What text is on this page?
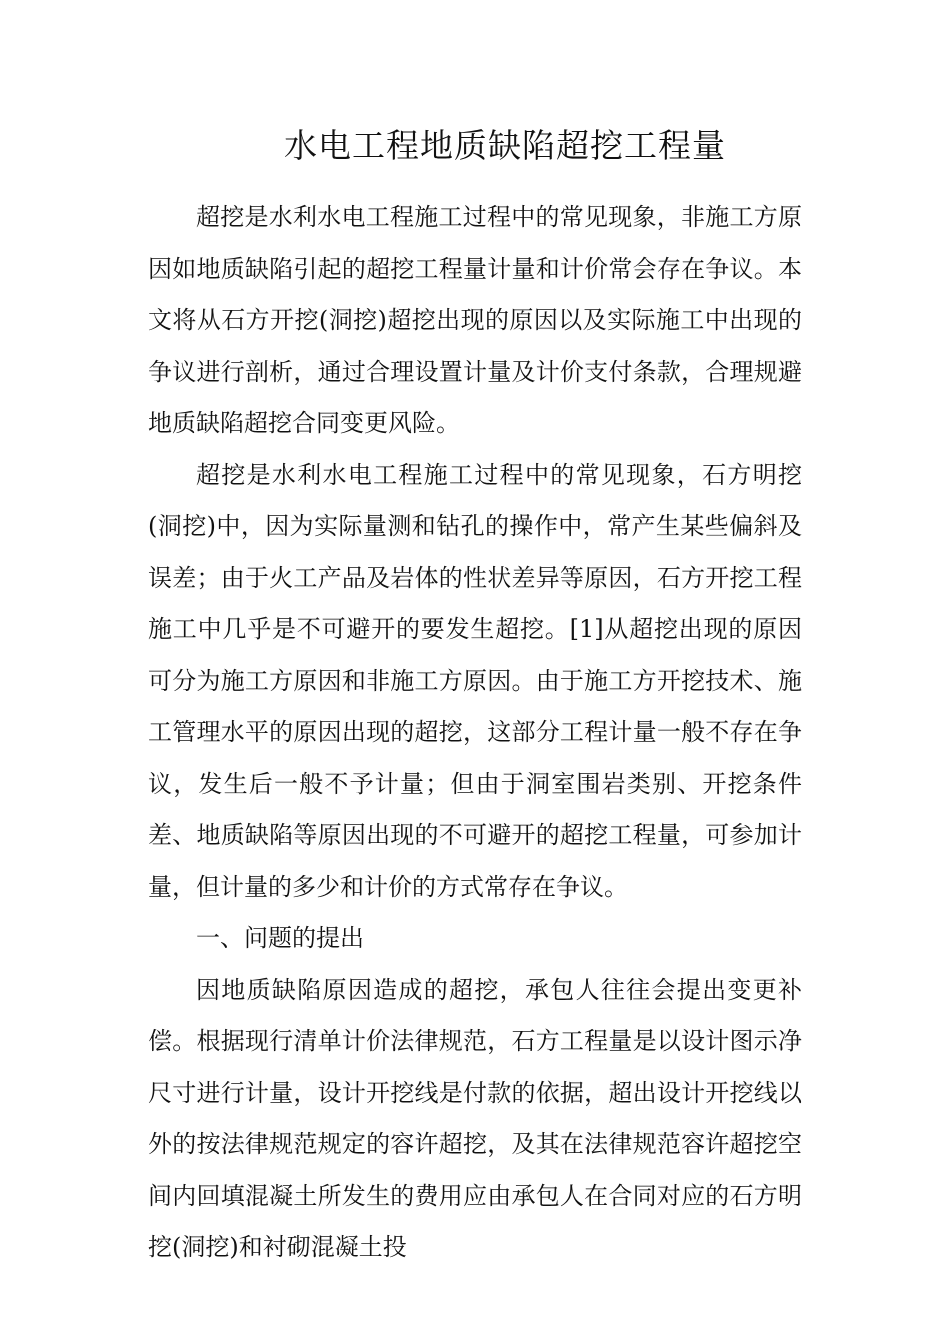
水电工程地质缺陷超挖工程量

超挖是水利水电工程施工过程中的常见现象，非施工方原因如地质缺陷引起的超挖工程量计量和计价常会存在争议。本文将从石方开挖(洞挖)超挖出现的原因以及实际施工中出现的争议进行剖析，通过合理设置计量及计价支付条款，合理规避地质缺陷超挖合同变更风险。

超挖是水利水电工程施工过程中的常见现象，石方明挖(洞挖)中，因为实际量测和钻孔的操作中，常产生某些偏斜及误差；由于火工产品及岩体的性状差异等原因，石方开挖工程施工中几乎是不可避开的要发生超挖。[1]从超挖出现的原因可分为施工方原因和非施工方原因。由于施工方开挖技术、施工管理水平的原因出现的超挖，这部分工程计量一般不存在争议，发生后一般不予计量；但由于洞室围岩类别、开挖条件差、地质缺陷等原因出现的不可避开的超挖工程量，可参加计量，但计量的多少和计价的方式常存在争议。

一、问题的提出

因地质缺陷原因造成的超挖，承包人往往会提出变更补偿。根据现行清单计价法律规范，石方工程量是以设计图示净尺寸进行计量，设计开挖线是付款的依据，超出设计开挖线以外的按法律规范规定的容许超挖，及其在法律规范容许超挖空间内回填混凝土所发生的费用应由承包人在合同对应的石方明挖(洞挖)和衬砌混凝土投
